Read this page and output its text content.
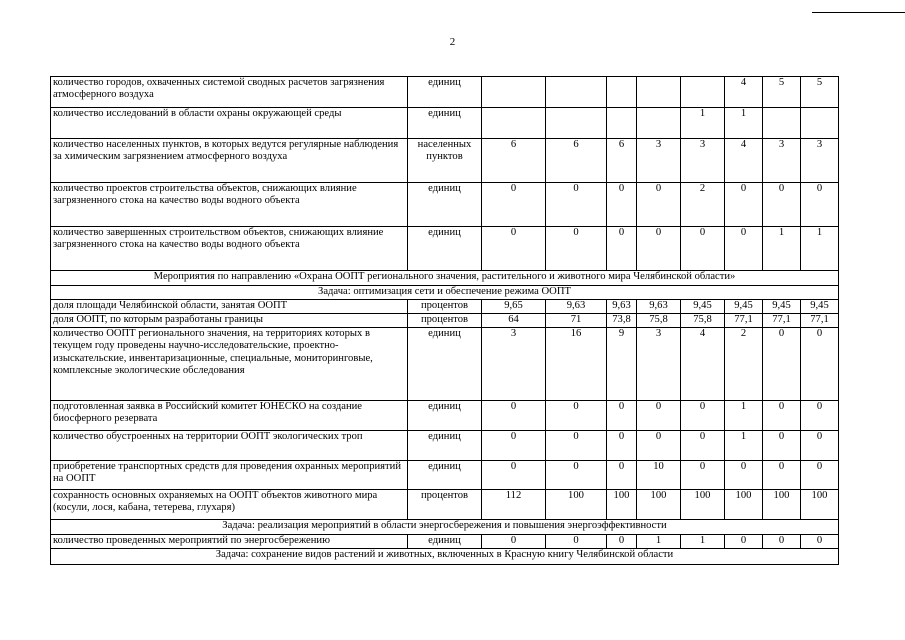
2
количество городов, охваченных системой сводных расчетов загрязнения атмосферного воздуха	единиц						4	5	5
количество исследований в области охраны окружающей среды	единиц					1	1		
количество населенных пунктов, в которых ведутся регулярные наблюдения за химическим загрязнением атмосферного воздуха	населенных пунктов	6	6	6	3	3	4	3	3
количество проектов строительства объектов, снижающих влияние загрязненного стока на качество воды водного объекта	единиц	0	0	0	0	2	0	0	0
количество завершенных строительством объектов, снижающих влияние загрязненного стока на качество воды водного объекта	единиц	0	0	0	0	0	0	1	1
Мероприятия по направлению «Охрана ООПТ регионального значения, растительного и животного мира Челябинской области»									
Задача: оптимизация сети и обеспечение режима ООПТ									
доля площади Челябинской области, занятая ООПТ	процентов	9,65	9,63	9,63	9,63	9,45	9,45	9,45	9,45
доля ООПТ, по которым разработаны границы	процентов	64	71	73,8	75,8	75,8	77,1	77,1	77,1
количество ООПТ регионального значения, на территориях которых в текущем году проведены научно-исследовательские, проектно-изыскательские, инвентаризационные, специальные, мониторинговые, комплексные экологические обследования	единиц	3	16	9	3	4	2	0	0
подготовленная заявка в Российский комитет ЮНЕСКО на создание биосферного резервата	единиц	0	0	0	0	0	1	0	0
количество обустроенных на территории ООПТ экологических троп	единиц	0	0	0	0	0	1	0	0
приобретение транспортных средств для проведения охранных мероприятий на ООПТ	единиц	0	0	0	10	0	0	0	0
сохранность основных охраняемых на ООПТ объектов животного мира (косули, лося, кабана, тетерева, глухаря)	процентов	112	100	100	100	100	100	100	100
Задача: реализация мероприятий в области энергосбережения и повышения энергоэффективности									
количество проведенных мероприятий по энергосбережению	единиц	0	0	0	1	1	0	0	0
Задача: сохранение видов растений и животных, включенных в Красную книгу Челябинской области									
